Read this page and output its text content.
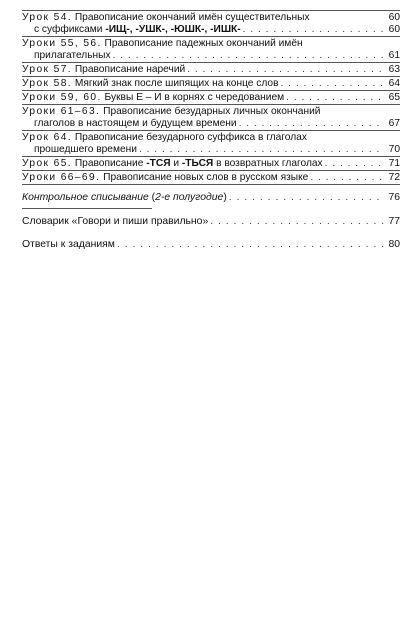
Урок 54. Правописание окончаний имён существительных	60
с суффиксами -ИЩ-, -УШК-, -ЮШК-, -ИШК- . . .	60
Уроки 55, 56. Правописание падежных окончаний имён
прилагательных . . .	61
Урок 57. Правописание наречий . . .	63
Урок 58. Мягкий знак после шипящих на конце слов . . .	64
Уроки 59, 60. Буквы Е – И в корнях с чередованием . . .	65
Уроки 61–63. Правописание безударных личных окончаний
глаголов в настоящем и будущем времени . . .	67
Урок 64. Правописание безударного суффикса в глаголах
прошедшего времени . . .	70
Урок 65. Правописание -ТСЯ и -ТЬСЯ в возвратных глаголах . . .	71
Уроки 66–69. Правописание новых слов в русском языке . . .	72
Контрольное списывание (2-е полугодие) . . .	76
Словарик «Говори и пиши правильно» . . .	77
Ответы к заданиям . . .	80
